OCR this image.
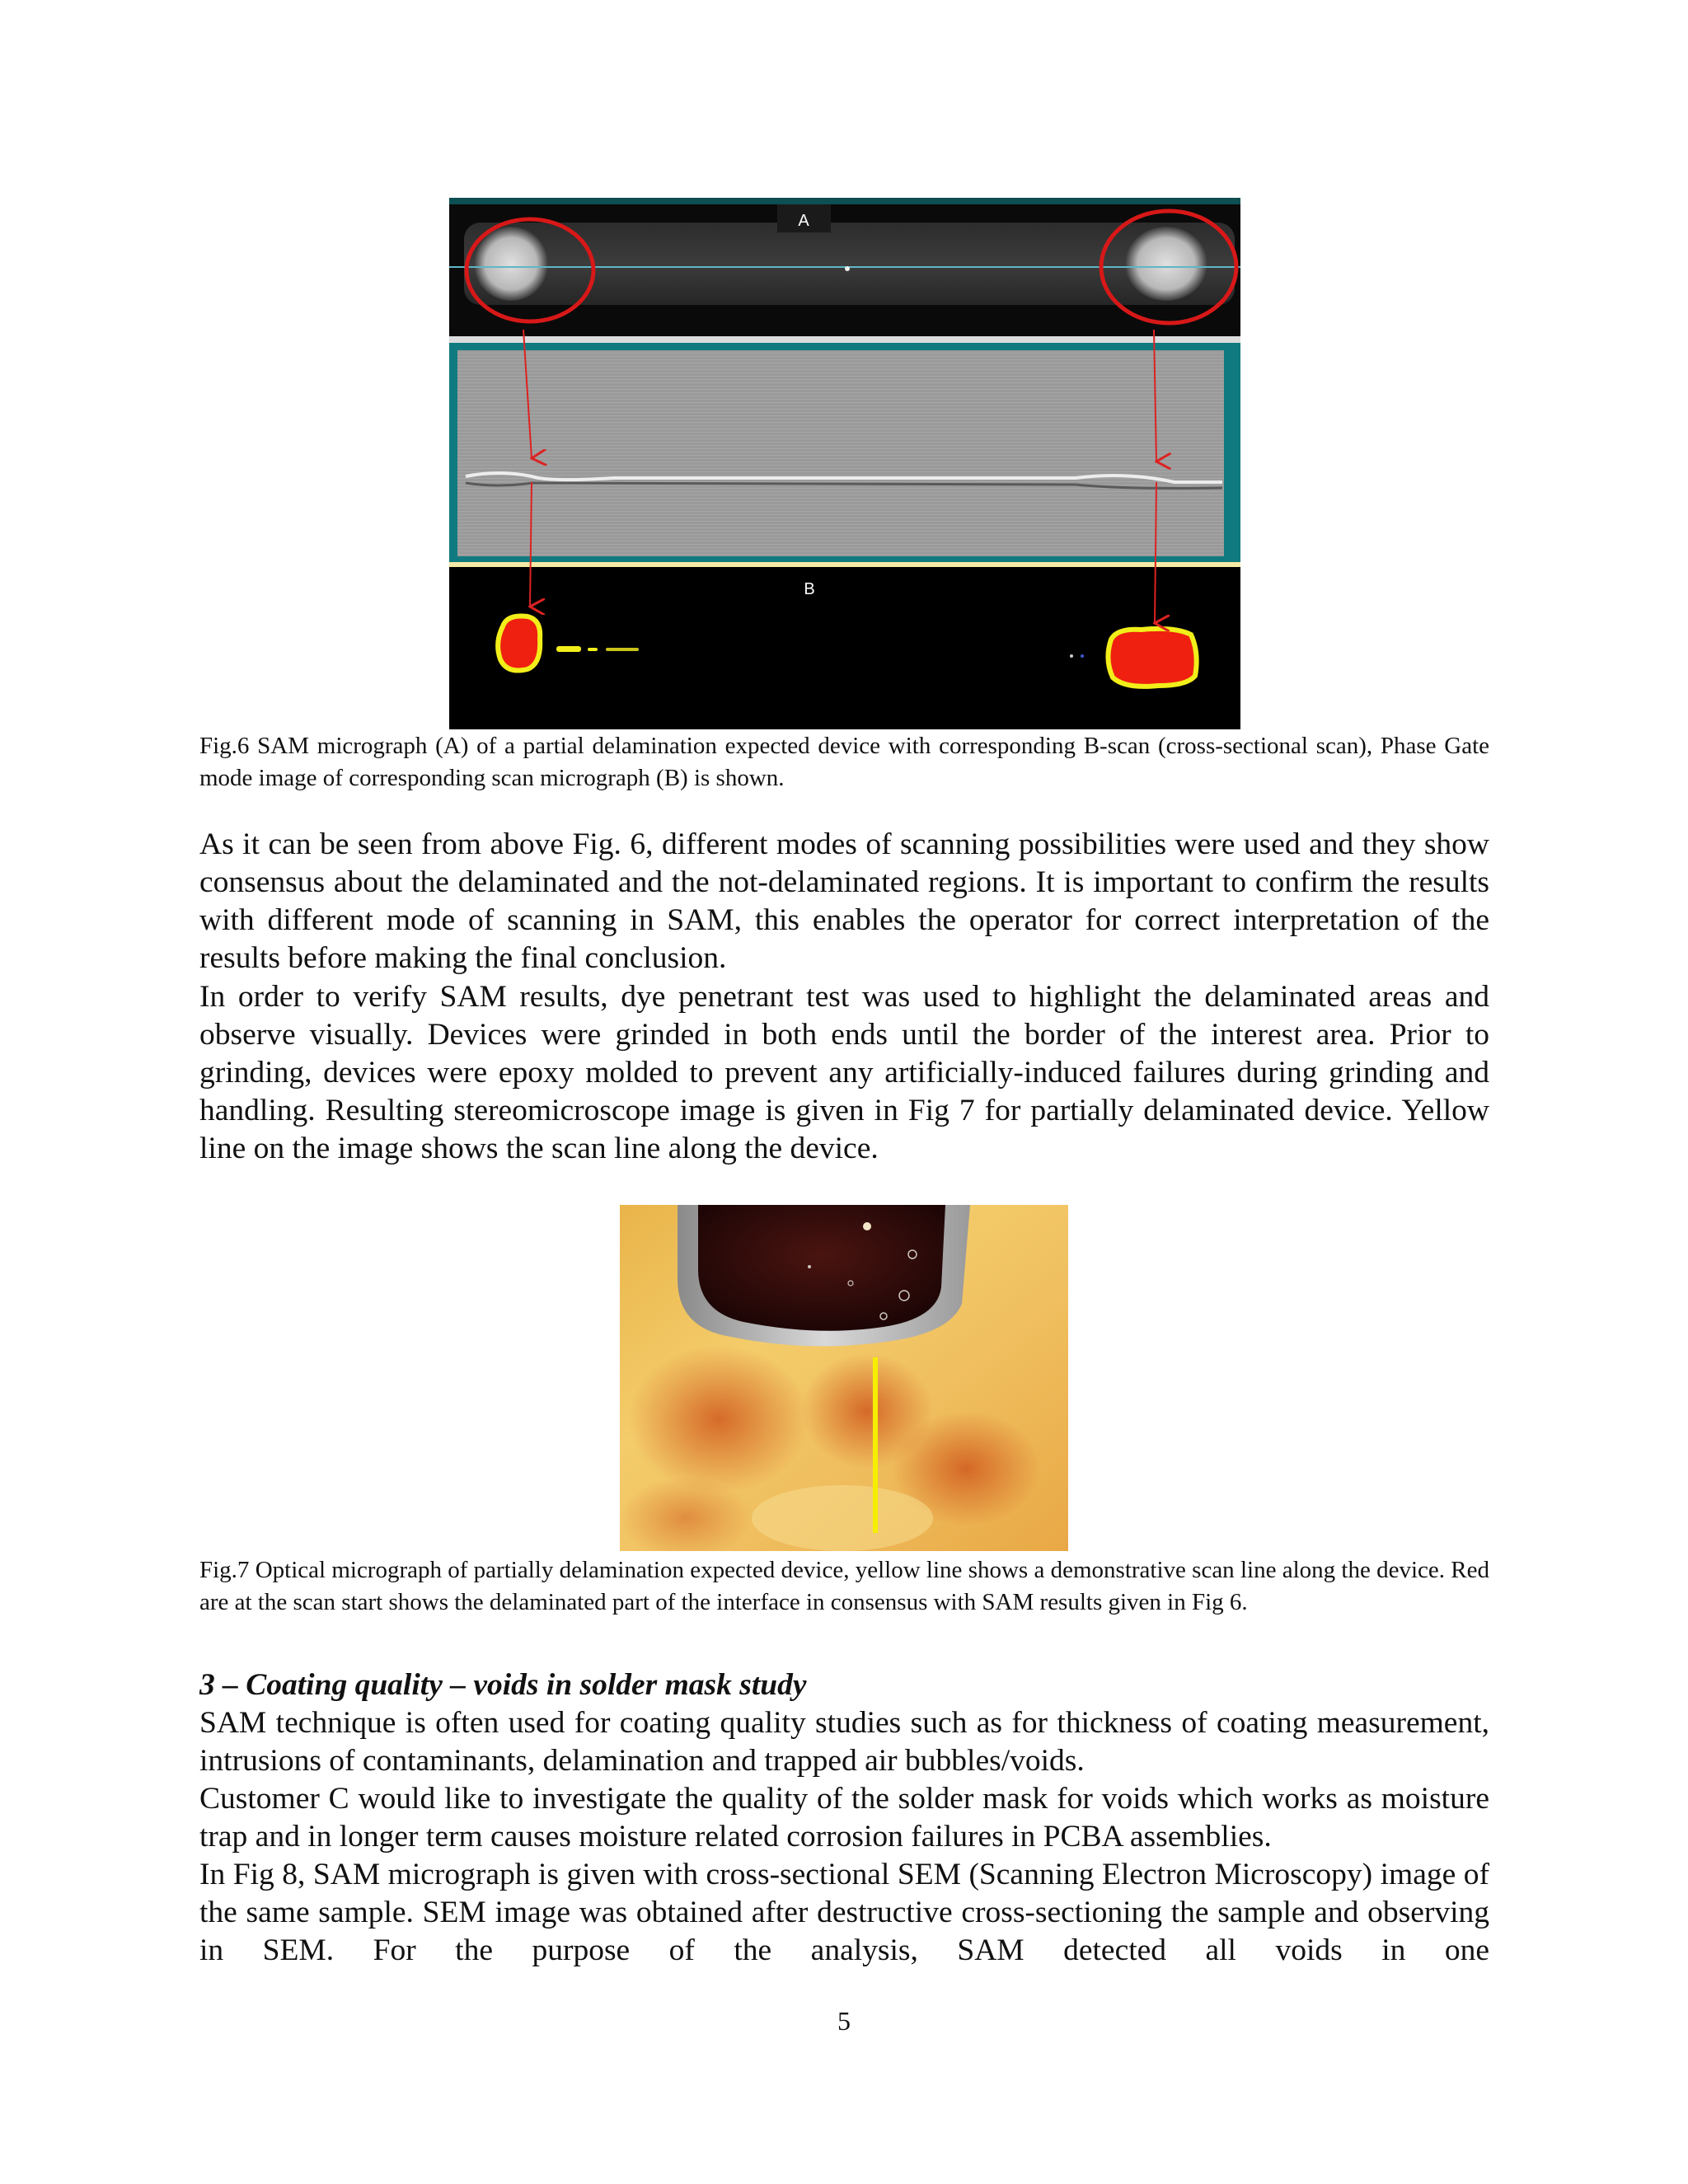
A
B
Fig.6 SAM micrograph (A) of a partial delamination expected device with corresponding B-scan (cross-sectional scan), Phase Gate mode image of corresponding scan micrograph (B) is shown.
As it can be seen from above Fig. 6, different modes of scanning possibilities were used and they show consensus about the delaminated and the not-delaminated regions. It is important to confirm the results with different mode of scanning in SAM, this enables the operator for correct interpretation of the results before making the final conclusion.
In order to verify SAM results, dye penetrant test was used to highlight the delaminated areas and observe visually. Devices were grinded in both ends until the border of the interest area. Prior to grinding, devices were epoxy molded to prevent any artificially-induced failures during grinding and handling. Resulting stereomicroscope image is given in Fig 7 for partially delaminated device. Yellow line on the image shows the scan line along the device.
Fig.7 Optical micrograph of partially delamination expected device, yellow line shows a demonstrative scan line along the device. Red are at the scan start shows the delaminated part of the interface in consensus with SAM results given in Fig 6.
3 – Coating quality – voids in solder mask study
SAM technique is often used for coating quality studies such as for thickness of coating measurement, intrusions of contaminants, delamination and trapped air bubbles/voids.
Customer C would like to investigate the quality of the solder mask for voids which works as moisture trap and in longer term causes moisture related corrosion failures in PCBA assemblies.
In Fig 8, SAM micrograph is given with cross-sectional SEM (Scanning Electron Microscopy) image of the same sample. SEM image was obtained after destructive cross-sectioning the sample and observing in SEM. For the purpose of the analysis, SAM detected all voids in one
5
